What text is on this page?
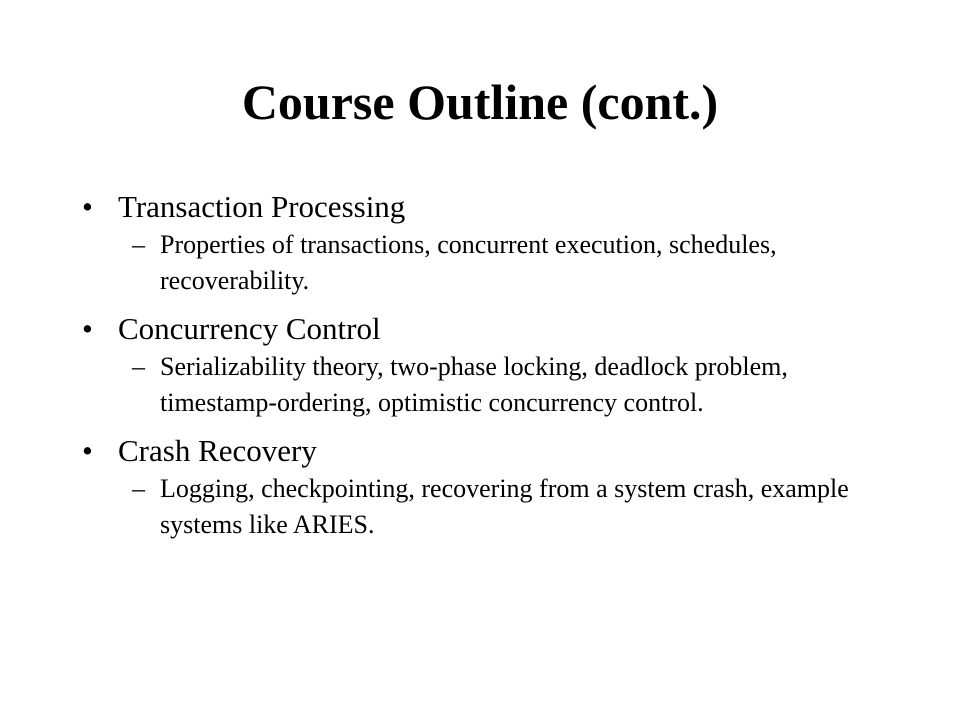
Course Outline (cont.)
• Transaction Processing
– Properties of transactions, concurrent execution, schedules, recoverability.
• Concurrency Control
– Serializability theory, two-phase locking, deadlock problem, timestamp-ordering, optimistic concurrency control.
• Crash Recovery
– Logging, checkpointing, recovering from a system crash, example systems like ARIES.
